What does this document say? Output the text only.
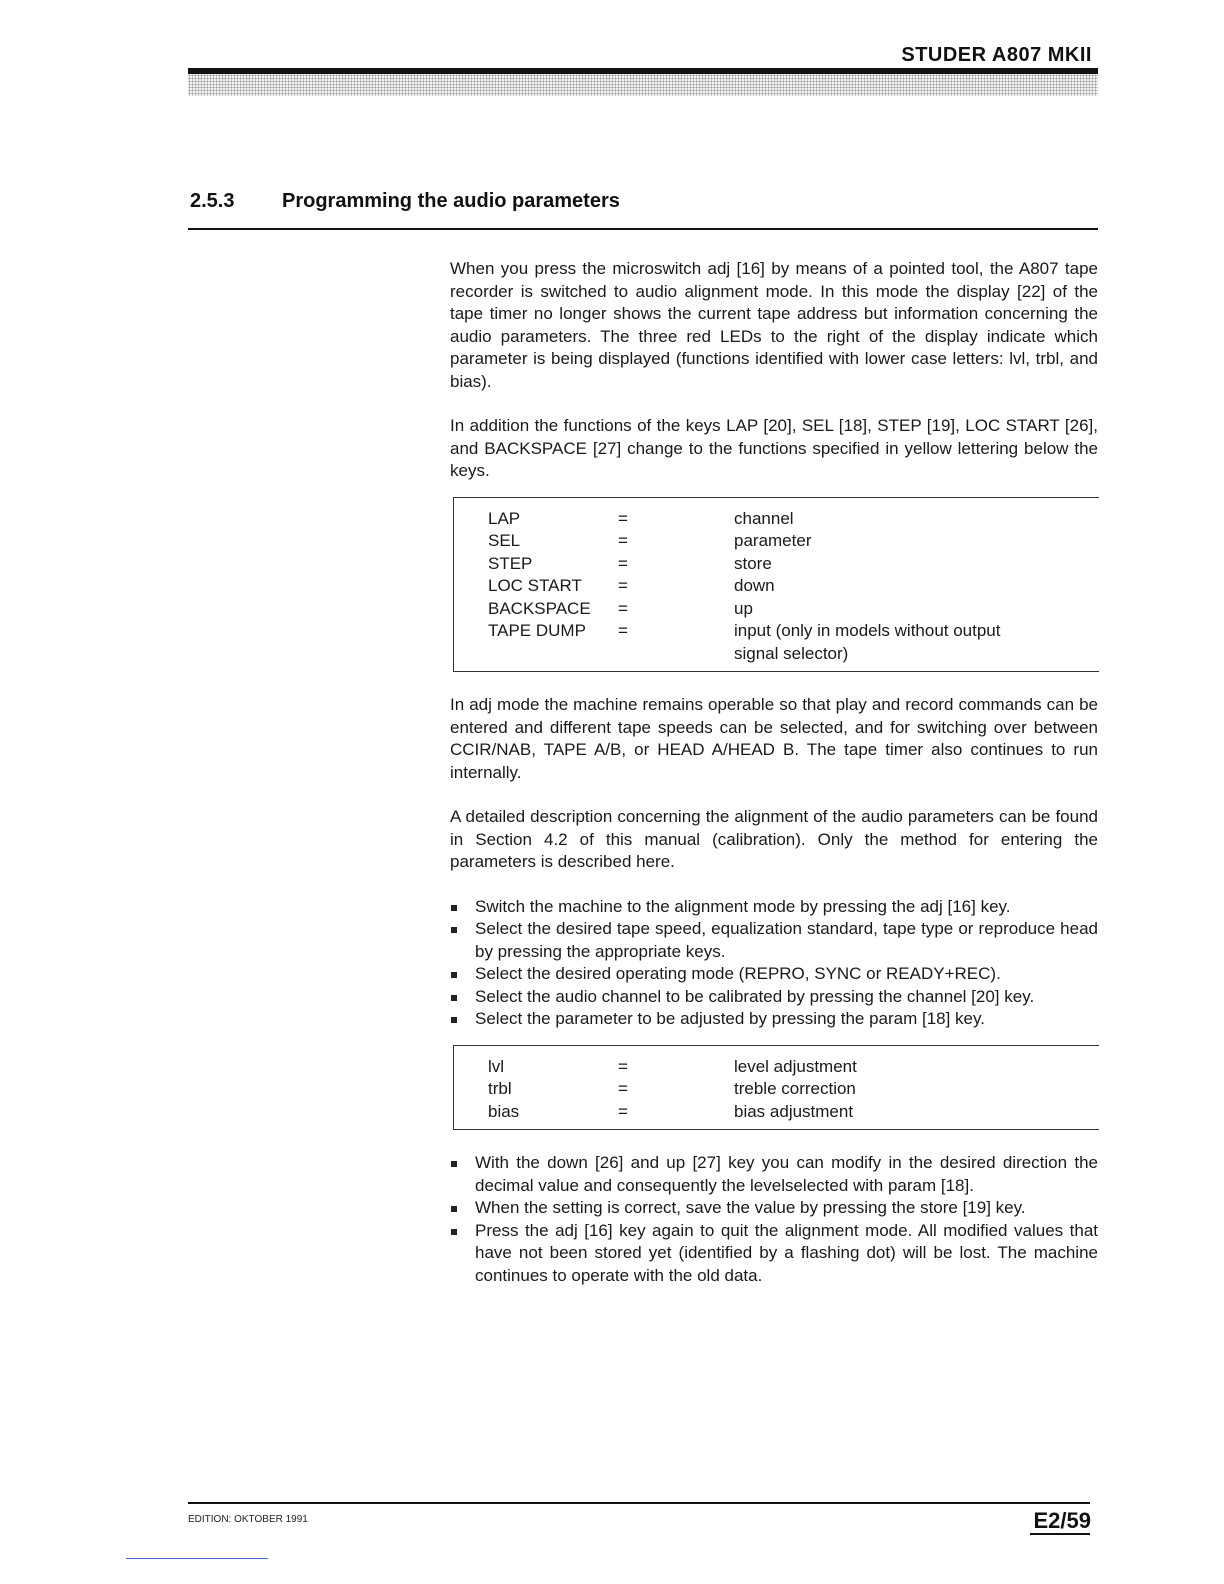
STUDER A807 MKII
2.5.3 Programming the audio parameters

When you press the microswitch adj [16] by means of a pointed tool, the A807 tape recorder is switched to audio alignment mode. In this mode the display [22] of the tape timer no longer shows the current tape address but information concerning the audio parameters. The three red LEDs to the right of the display indicate which parameter is being displayed (functions identified with lower case letters: lvl, trbl, and bias).

In addition the functions of the keys LAP [20], SEL [18], STEP [19], LOC START [26], and BACKSPACE [27] change to the functions specified in yellow lettering below the keys.

LAP	=	channel
SEL	=	parameter
STEP	=	store
LOC START	=	down
BACKSPACE	=	up
TAPE DUMP	=	input (only in models without output signal selector)

In adj mode the machine remains operable so that play and record commands can be entered and different tape speeds can be selected, and for switching over between CCIR/NAB, TAPE A/B, or HEAD A/HEAD B. The tape timer also continues to run internally.

A detailed description concerning the alignment of the audio parameters can be found in Section 4.2 of this manual (calibration). Only the method for entering the parameters is described here.

Switch the machine to the alignment mode by pressing the adj [16] key.
Select the desired tape speed, equalization standard, tape type or reproduce head by pressing the appropriate keys.
Select the desired operating mode (REPRO, SYNC or READY+REC).
Select the audio channel to be calibrated by pressing the channel [20] key.
Select the parameter to be adjusted by pressing the param [18] key.
lvl	=	level adjustment
trbl	=	treble correction
bias	=	bias adjustment
With the down [26] and up [27] key you can modify in the desired direction the decimal value and consequently the levelselected with param [18].
When the setting is correct, save the value by pressing the store [19] key.
Press the adj [16] key again to quit the alignment mode. All modified values that have not been stored yet (identified by a flashing dot) will be lost. The machine continues to operate with the old data.
EDITION: OKTOBER 1991	E2/59
